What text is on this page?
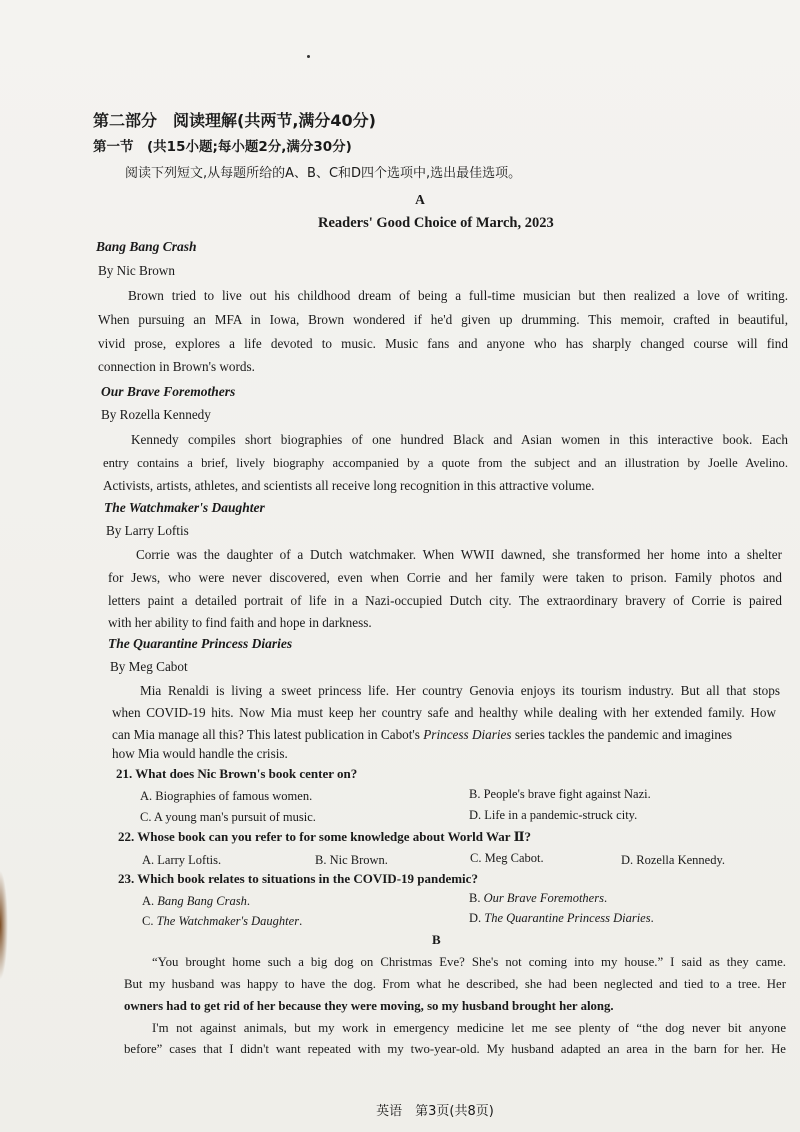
第二部分　阅读理解(共两节,满分40分)
第一节　(共15小题;每小题2分,满分30分)
阅读下列短文,从每题所给的A、B、C和D四个选项中,选出最佳选项。
A
Readers' Good Choice of March, 2023
Bang Bang Crash
By Nic Brown
Brown tried to live out his childhood dream of being a full-time musician but then realized a love of writing.
When pursuing an MFA in Iowa, Brown wondered if he'd given up drumming. This memoir, crafted in beautiful,
vivid prose, explores a life devoted to music. Music fans and anyone who has sharply changed course will find
connection in Brown's words.
Our Brave Foremothers
By Rozella Kennedy
Kennedy compiles short biographies of one hundred Black and Asian women in this interactive book. Each
entry contains a brief, lively biography accompanied by a quote from the subject and an illustration by Joelle Avelino.
Activists, artists, athletes, and scientists all receive long recognition in this attractive volume.
The Watchmaker's Daughter
By Larry Loftis
Corrie was the daughter of a Dutch watchmaker. When WWII dawned, she transformed her home into a shelter
for Jews, who were never discovered, even when Corrie and her family were taken to prison. Family photos and
letters paint a detailed portrait of life in a Nazi-occupied Dutch city. The extraordinary bravery of Corrie is paired
with her ability to find faith and hope in darkness.
The Quarantine Princess Diaries
By Meg Cabot
Mia Renaldi is living a sweet princess life. Her country Genovia enjoys its tourism industry. But all that stops
when COVID-19 hits. Now Mia must keep her country safe and healthy while dealing with her extended family. How
can Mia manage all this? This latest publication in Cabot's Princess Diaries series tackles the pandemic and imagines
how Mia would handle the crisis.
21. What does Nic Brown's book center on?
A. Biographies of famous women.	B. People's brave fight against Nazi.
C. A young man's pursuit of music.	D. Life in a pandemic-struck city.
22. Whose book can you refer to for some knowledge about World War Ⅱ?
A. Larry Loftis.	B. Nic Brown.	C. Meg Cabot.	D. Rozella Kennedy.
23. Which book relates to situations in the COVID-19 pandemic?
A. Bang Bang Crash.	B. Our Brave Foremothers.
C. The Watchmaker's Daughter.	D. The Quarantine Princess Diaries.
B
“You brought home such a big dog on Christmas Eve? She's not coming into my house.” I said as they came.
But my husband was happy to have the dog. From what he described, she had been neglected and tied to a tree. Her
owners had to get rid of her because they were moving, so my husband brought her along.
I'm not against animals, but my work in emergency medicine let me see plenty of “the dog never bit anyone
before” cases that I didn't want repeated with my two-year-old. My husband adapted an area in the barn for her. He
英语　第3页(共8页)
